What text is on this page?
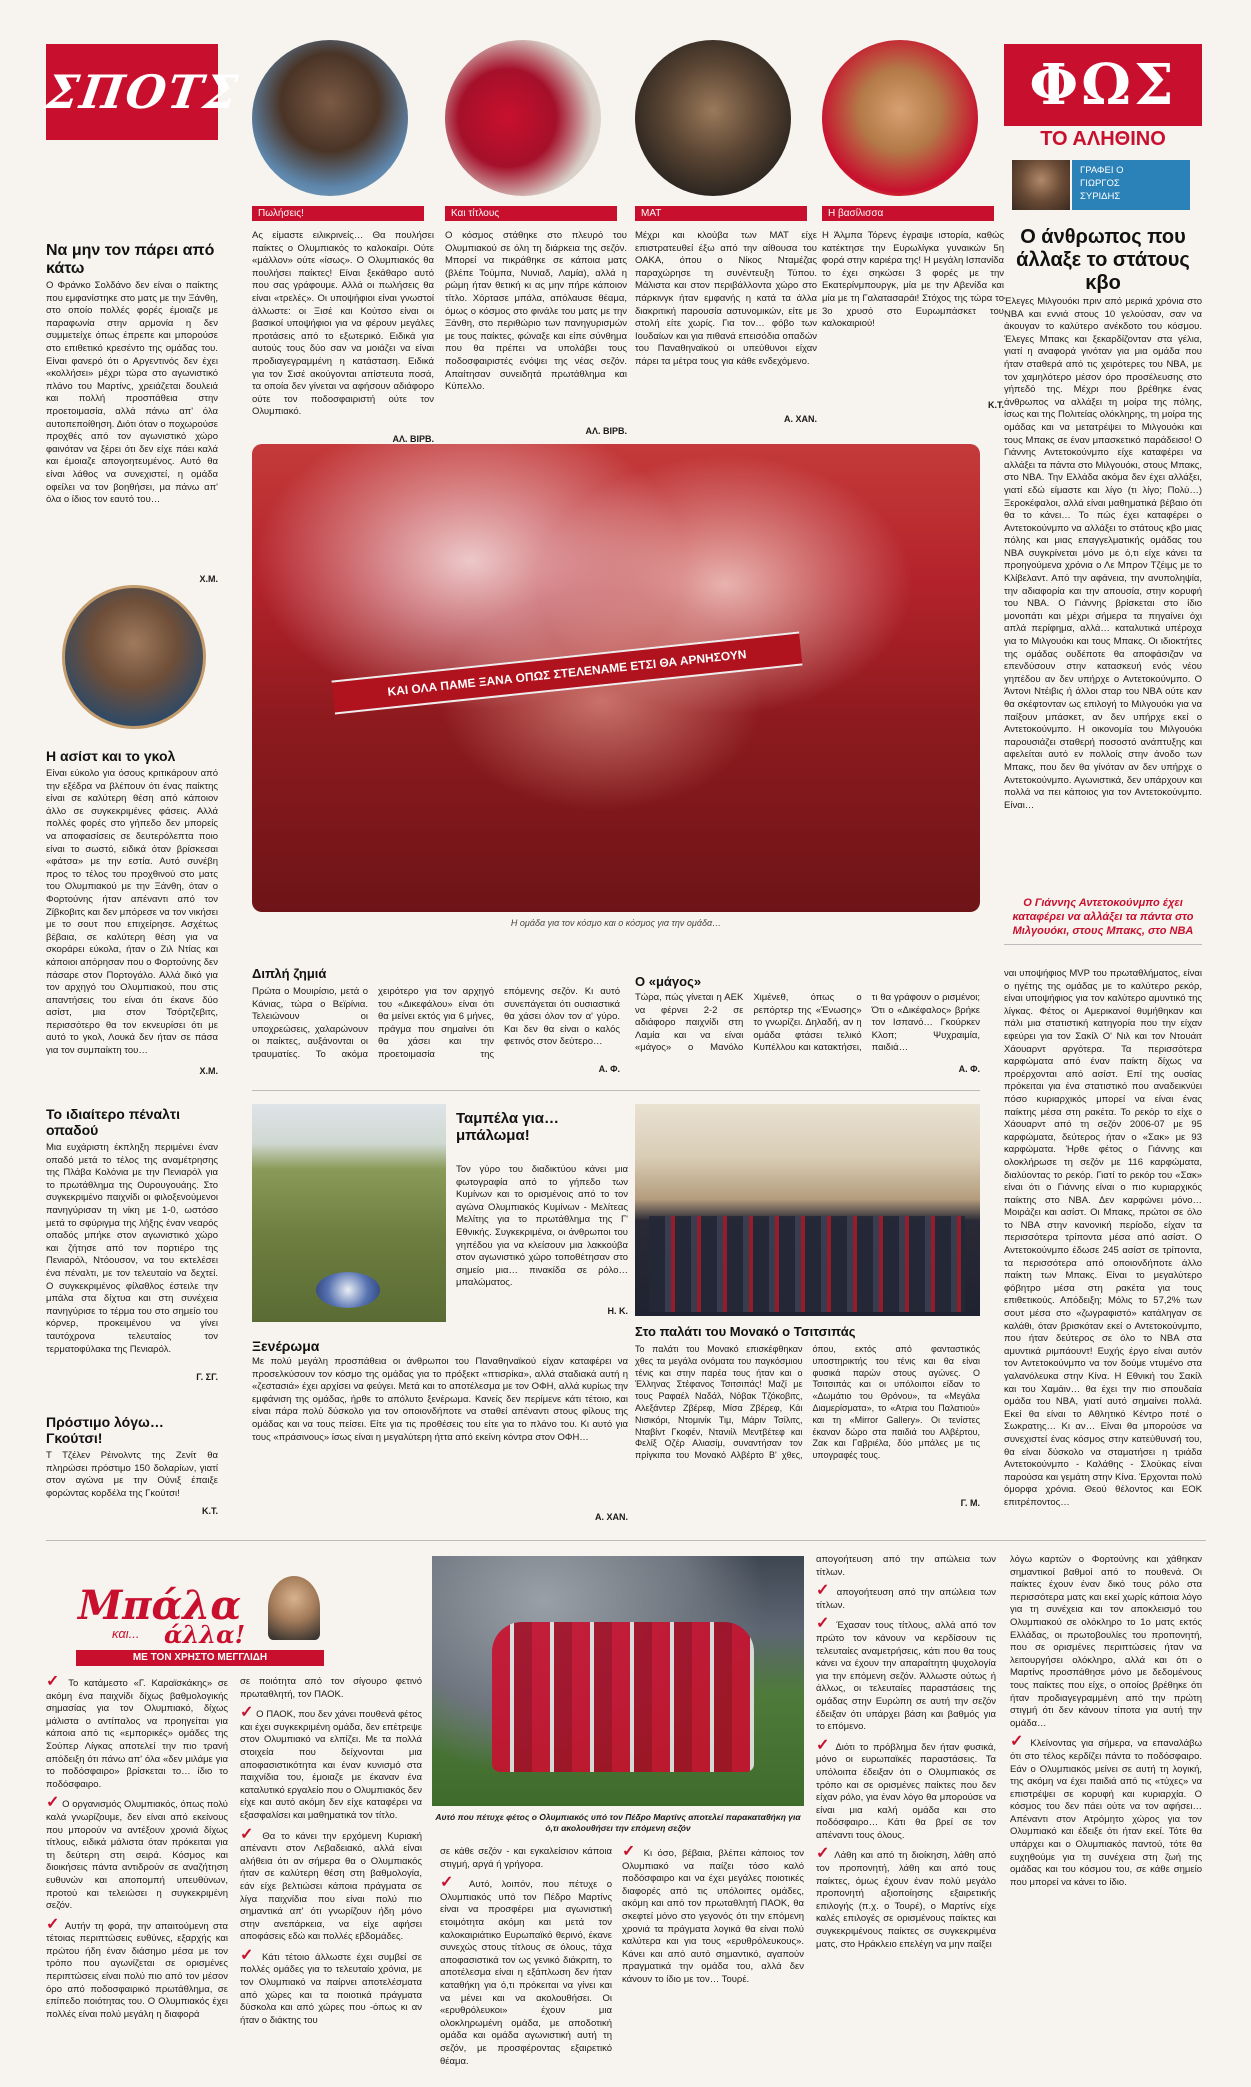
ΣΠΟΤΣ
Πωλήσεις!	Και τίτλους	ΜΑΤ	Η βασίλισσα

Ας είμαστε ειλικρινείς… Θα πουλήσει παίκτες ο Ολυμπιακός το καλοκαίρι. Ούτε «μάλλον» ούτε «ίσως». Ο Ολυμπιακός θα πουλήσει παίκτες! Είναι ξεκάθαρο αυτό που σας γράφουμε. Αλλά οι πωλήσεις θα είναι «τρελές». Οι υποψήφιοι είναι γνωστοί άλλωστε: οι Ξισέ και Κούτσο είναι οι βασικοί υποψήφιοι για να φέρουν μεγάλες προτάσεις από το εξωτερικό. Ειδικά για αυτούς τους δύο σαν να μοιάζει να είναι προδιαγεγραμμένη η κατάσταση. Ειδικά για τον Σισέ ακούγονται απίστευτα ποσά, τα οποία δεν γίνεται να αφήσουν αδιάφορο ούτε τον ποδοσφαιριστή ούτε τον Ολυμπιακό.

ΑΛ. ΒΙΡΒ.

Ο κόσμος στάθηκε στο πλευρό του Ολυμπιακού σε όλη τη διάρκεια της σεζόν. Μπορεί να πικράθηκε σε κάποια ματς (βλέπε Τούμπα, Νυνιαδ, Λαμία), αλλά η ρώμη ήταν θετική κι ας μην πήρε κάποιον τίτλο. Χόρτασε μπάλα, απόλαυσε θέαμα, όμως ο κόσμος στο φινάλε του ματς με την Ξάνθη, στο περιθώριο των πανηγυρισμών με τους παίκτες, φώναξε και είπε σύνθημα που θα πρέπει να υπολάβει τους ποδοσφαιριστές ενόψει της νέας σεζόν. Απαίτησαν συνειδητά πρωτάθλημα και Κύπελλο.

ΑΛ. ΒΙΡΒ.

Μέχρι και κλούβα των ΜΑΤ είχε επιστρατευθεί έξω από την αίθουσα του ΟΑΚΑ, όπου ο Νίκος Νταμέζας παραχώρησε τη συνέντευξη Τύπου. Μάλιστα και στον περιβάλλοντα χώρο στο πάρκινγκ ήταν εμφανής η κατά τα άλλα διακριτική παρουσία αστυνομικών, είτε με στολή είτε χωρίς. Για τον… φόβο των Ιουδαίων και για πιθανά επεισόδια οπαδών του Παναθηναϊκού οι υπεύθυνοι είχαν πάρει τα μέτρα τους για κάθε ενδεχόμενο.

Α. ΧΑΝ.

Η Άλμπα Τόρενς έγραψε ιστορία, καθώς κατέκτησε την Ευρωλίγκα γυναικών 5η φορά στην καριέρα της! Η μεγάλη Ισπανίδα το έχει σηκώσει 3 φορές με την Εκατερίνμπουργκ, μία με την Αβενίδα και μία με τη Γαλατασαράι! Στόχος της τώρα το 3ο χρυσό στο Ευρωμπάσκετ του καλοκαιριού!

Κ.Τ.
Να μην τον πάρει από κάτω

Ο Φράνκο Σολδάνο δεν είναι ο παίκτης που εμφανίστηκε στο ματς με την Ξάνθη, στο οποίο πολλές φορές έμοιαζε με παραφωνία στην αρμονία η δεν συμμετείχε όπως έπρεπε και μπορούσε στο επιθετικό κρεσέντο της ομάδας του. Είναι φανερό ότι ο Αργεντινός δεν έχει «κολλήσει» μέχρι τώρα στο αγωνιστικό πλάνο του Μαρτίνς, χρειάζεται δουλειά και πολλή προσπάθεια στην προετοιμασία, αλλά πάνω απ' όλα αυτοπεποίθηση. Διότι όταν ο ποχωρούσε προχθές από τον αγωνιστικό χώρο φαινόταν να ξέρει ότι δεν είχε πάει καλά και έμοιαζε απογοητευμένος. Αυτό θα είναι λάθος να συνεχιστεί, η ομάδα οφείλει να τον βοηθήσει, μα πάνω απ' όλα ο ίδιος τον εαυτό του…

Χ.Μ.
Η ασίστ και το γκολ

Είναι εύκολο για όσους κριτικάρουν από την εξέδρα να βλέπουν ότι ένας παίκτης είναι σε καλύτερη θέση από κάποιον άλλο σε συγκεκριμένες φάσεις. Αλλά πολλές φορές στο γήπεδο δεν μπορείς να αποφασίσεις σε δευτερόλεπτα ποιο είναι το σωστό, ειδικά όταν βρίσκεσαι «φάτσα» με την εστία. Αυτό συνέβη προς το τέλος του προχθινού στο ματς του Ολυμπιακού με την Ξάνθη, όταν ο Φορτούνης ήταν απέναντι από τον Ζίβκοβιτς και δεν μπόρεσε να τον νικήσει με το σουτ που επιχείρησε. Ασχέτως βέβαια, σε καλύτερη θέση για να σκοράρει εύκολα, ήταν ο Ζιλ Ντίας και κάποιοι απόρησαν που ο Φορτούνης δεν πάσαρε στον Πορτογάλο. Αλλά δικό για τον αρχηγό του Ολυμπιακού, που στις απαντήσεις του είναι ότι έκανε δύο ασίστ, μια στον Τσόρτζεβιτς, περισσότερο θα τον εκνευρίσει ότι με αυτό το γκολ, Λουκά δεν ήταν σε πάσα για τον συμπαίκτη του…

Χ.Μ.
Το ιδιαίτερο πέναλτι οπαδού

Μια ευχάριστη έκπληξη περιμένει έναν οπαδό μετά το τέλος της αναμέτρησης της Πλάβα Κολόνια με την Πενιαρόλ για το πρωτάθλημα της Ουρουγουάης. Στο συγκεκριμένο παιχνίδι οι φιλοξενούμενοι πανηγύρισαν τη νίκη με 1-0, ωστόσο μετά το σφύριγμα της λήξης έναν νεαρός οπαδός μπήκε στον αγωνιστικό χώρο και ζήτησε από τον πορτιέρο της Πενιαρόλ, Ντόουσον, να του εκτελέσει ένα πέναλτι, με τον τελευταίο να δεχτεί. Ο συγκεκριμένος φίλαθλος έστειλε την μπάλα στα δίχτυα και στη συνέχεια πανηγύρισε το τέρμα του στο σημείο του κόρνερ, προκειμένου να γίνει ταυτόχρονα τελευταίος τον τερματοφύλακα της Πενιαρόλ.

Γ. ΣΓ.
Πρόστιμο λόγω… Γκούτσι!

Τ Τζέλεν Ρέινολντς της Ζενίτ θα πληρώσει πρόστιμο 150 δολαρίων, γιατί στον αγώνα με την Ούνιξ έπαιξε φορώντας κορδέλα της Γκούτσι!

Κ.Τ.
ΚΑΙ ΟΛΑ ΠΑΜΕ ΞΑΝΑ ΟΠΩΣ ΣΤΕΛΕΝΑΜΕ ΕΤΣΙ ΘΑ ΑΡΝΗΣΟΥΝ
Η ομάδα για τον κόσμο και ο κόσμος για την ομάδα…
Διπλή ζημιά

Πρώτα ο Μουιρίσιο, μετά ο Κάνιας, τώρα ο Βεϊρίνια. Τελειώνουν οι υποχρεώσεις, χαλαρώνουν οι παίκτες, αυξάνονται οι τραυματίες. Το ακόμα χειρότερο για τον αρχηγό του «Δικεφάλου» είναι ότι θα μείνει εκτός για 6 μήνες, πράγμα που σημαίνει ότι θα χάσει και την προετοιμασία της επόμενης σεζόν. Κι αυτό συνεπάγεται ότι ουσιαστικά θα χάσει όλον τον α' γύρο. Και δεν θα είναι ο καλός φετινός στον δεύτερο…

Α. Φ.
Ο «μάγος»

Τώρα, πώς γίνεται η ΑΕΚ να φέρνει 2-2 σε αδιάφορο παιχνίδι στη Λαμία και να είναι «μάγος» ο Μανόλο Χιμένεθ, όπως ο ρεπόρτερ της «Ένωσης» το γνωρίζει. Δηλαδή, αν η ομάδα φτάσει τελικό Κυπέλλου και κατακτήσει, τι θα γράφουν ο ρισμένοι; Ότι ο «Δικέφαλος» βρήκε τον Ισπανό… Γκούρκεν Κλοπ; Ψυχραιμία, παιδιά…

Α. Φ.
Ταμπέλα για… μπάλωμα!

Τον γύρο του διαδικτύου κάνει μια φωτογραφία από το γήπεδο των Κυμίνων και το ορισμένοις από το τον αγώνα Ολυμπιακός Κυμίνων - Μελίτεας Μελίτης για το πρωτάθλημα της Γ' Εθνικής. Συγκεκριμένα, οι άνθρωποι του γηπέδου για να κλείσουν μια λακκούβα στον αγωνιστικό χώρο τοποθέτησαν στο σημείο μια… πινακίδα σε ρόλο… μπαλώματος.

Η. Κ.
Ξενέρωμα

Με πολύ μεγάλη προσπάθεια οι άνθρωποι του Παναθηναϊκού είχαν καταφέρει να προσελκύσουν τον κόσμο της ομάδας για το πρόξεκτ «πτισρίκα», αλλά σταδιακά αυτή η «ζεστασιά» έχει αρχίσει να φεύγει. Μετά και το αποτέλεσμα με τον ΟΦΗ, αλλά κυρίως την εμφάνιση της ομάδας, ήρθε το απόλυτο ξενέρωμα. Κανείς δεν περίμενε κάτι τέτοιο, και είναι πάρα πολύ δύσκολο για τον οποιονδήποτε να σταθεί απέναντι στους φίλους της ομάδας και να τους πείσει. Είτε για τις προθέσεις του είτε για το πλάνο του. Κι αυτό για τους «πράσινους» ίσως είναι η μεγαλύτερη ήττα από εκείνη κόντρα στον ΟΦΗ…

Α. ΧΑΝ.
Στο παλάτι του Μονακό ο Τσιτσιπάς

Το παλάτι του Μονακό επισκέφθηκαν χθες τα μεγάλα ονόματα του παγκόσμιου τένις και στην παρέα τους ήταν και ο Έλληνας Στέφανος Τσιτσιπάς! Μαζί με τους Ραφαέλ Ναδάλ, Νόβακ Τζόκοβιτς, Αλεξάντερ Ζβέρεφ, Μίσα Ζβέρεφ, Κάι Νισικόρι, Ντομινίκ Τιμ, Μάριν Τσίλιτς, Νταβίντ Γκοφέν, Ντανιίλ Μεντβέτεφ και Φελίξ Οζέρ Αλιασίμ, συναντήσαν τον πρίγκιπα του Μονακό Αλβέρτο Β' χθες, όπου, εκτός από φανταστικός υποστηρικτής του τένις και θα είναι φυσικά παρών στους αγώνες. Ο Τσιτσιπάς και οι υπόλοιποι είδαν το «Δωμάτιο του Θρόνου», τα «Μεγάλα Διαμερίσματα», το «Ατρια του Παλατιού» και τη «Mirror Gallery». Οι τενίστες έκαναν δώρο στα παιδιά του Αλβέρτου, Ζακ και Γαβριέλα, δύο μπάλες με τις υπογραφές τους.

Γ. Μ.
ΦΩΣ
ΤΟ ΑΛΗΘΙΝΟ
ΓΡΑΦΕΙ Ο
ΓΙΩΡΓΟΣ
ΣΥΡΙΔΗΣ
Ο άνθρωπος που άλλαξε το στάτους κβο

Έλεγες Μιλγουόκι πριν από μερικά χρόνια στο ΝΒΑ και εννιά στους 10 γελούσαν, σαν να άκουγαν το καλύτερο ανέκδοτο του κόσμου. Έλεγες Μπακς και ξεκαρδίζονταν στα γέλια, γιατί η αναφορά γινόταν για μια ομάδα που ήταν σταθερά από τις χειρότερες του ΝΒΑ, με τον χαμηλότερο μέσον όρο προσέλευσης στο γήπεδό της. Μέχρι που βρέθηκε ένας άνθρωπος να αλλάξει τη μοίρα της πόλης, ίσως και της Πολιτείας ολόκληρης, τη μοίρα της ομάδας και να μετατρέψει το Μιλγουόκι και τους Μπακς σε έναν μπασκετικό παράδεισο! Ο Γιάννης Αντετοκούνμπο είχε καταφέρει να αλλάξει τα πάντα στο Μιλγουόκι, στους Μπακς, στο ΝΒΑ. Την Ελλάδα ακόμα δεν έχει αλλάξει, γιατί εδώ είμαστε και λίγο (τι λίγο; Πολύ…) Ξεροκέφαλοι, αλλά είναι μαθηματικά βέβαιο ότι θα το κάνει… Το πώς έχει καταφέρει ο Αντετοκούνμπο να αλλάξει το στάτους κβο μιας πόλης και μιας επαγγελματικής ομάδας του ΝΒΑ συγκρίνεται μόνο με ό,τι είχε κάνει τα προηγούμενα χρόνια ο Λε Μπρον Τζέιμς με το Κλίβελαντ. Από την αφάνεια, την ανυποληψία, την αδιαφορία και την απουσία, στην κορυφή του ΝΒΑ. Ο Γιάννης βρίσκεται στο ίδιο μονοπάτι και μέχρι σήμερα τα πηγαίνει όχι απλά περίφημα, αλλά… καταλυτικά υπέροχα για το Μιλγουόκι και τους Μπακς. Οι ιδιοκτήτες της ομάδας ουδέποτε θα αποφάσιζαν να επενδύσουν στην κατασκευή ενός νέου γηπέδου αν δεν υπήρχε ο Αντετοκούνμπο. Ο Άντονι Ντέιβις ή άλλοι σταρ του ΝΒΑ ούτε καν θα σκέφτονταν ως επιλογή το Μιλγουόκι για να παίξουν μπάσκετ, αν δεν υπήρχε εκεί ο Αντετοκούνμπο. Η οικονομία του Μιλγουόκι παρουσιάζει σταθερή ποσοστό ανάπτυξης και αφελείται αυτό εν πολλοίς στην άνοδο των Μπακς, που δεν θα γίνόταν αν δεν υπήρχε ο Αντετοκούνμπο. Αγωνιστικά, δεν υπάρχουν και πολλά να πει κάποιος για τον Αντετοκούνμπο. Είναι…

Ο Γιάννης Αντετοκούνμπο έχει καταφέρει να αλλάξει τα πάντα στο Μιλγουόκι, στους Μπακς, στο ΝΒΑ

ναι υποψήφιος MVP του πρωταθλήματος, είναι ο ηγέτης της ομάδας με το καλύτερο ρεκόρ, είναι υποψήφιος για τον καλύτερο αμυντικό της λίγκας. Φέτος οι Αμερικανοί θυμήθηκαν και πάλι μια στατιστική κατηγορία που την είχαν εφεύρει για τον Σακίλ Ο' Νιλ και τον Ντουάιτ Χάουαρντ αργότερα. Τα περισσότερα καρφώματα από έναν παίκτη δίχως να προέρχονται από ασίστ. Επί της ουσίας πρόκειται για ένα στατιστικό που αναδεικνύει πόσο κυριαρχικός μπορεί να είναι ένας παίκτης μέσα στη ρακέτα. Το ρεκόρ το είχε ο Χάουαρντ από τη σεζόν 2006-07 με 95 καρφώματα, δεύτερος ήταν ο «Σακ» με 93 καρφώματα. Ήρθε φέτος ο Γιάννης και ολοκλήρωσε τη σεζόν με 116 καρφώματα, διαλύοντας το ρεκόρ. Γιατί το ρεκόρ του «Σακ» είναι ότι ο Γιάννης είναι ο πιο κυριαρχικός παίκτης στο ΝΒΑ. Δεν καρφώνει μόνο… Μοιράζει και ασίστ. Οι Μπακς, πρώτοι σε όλο το ΝΒΑ στην κανονική περίοδο, είχαν τα περισσότερα τρίποντα μέσα από ασίστ. Ο Αντετοκούνμπο έδωσε 245 ασίστ σε τρίποντα, τα περισσότερα από οποιονδήποτε άλλο παίκτη των Μπακς. Είναι το μεγαλύτερο φόβητρο μέσα στη ρακέτα για τους επιθετικούς. Απόδειξη; Μόλις το 57,2% των σουτ μέσα στο «ζωγραφιστό» κατάληγαν σε καλάθι, όταν βρισκόταν εκεί ο Αντετοκούνμπο, που ήταν δεύτερος σε όλο το ΝΒΑ στα αμυντικά ριμπάουντ! Ευχής έργο είναι αυτόν τον Αντετοκούνμπο να τον δούμε ντυμένο στα γαλανόλευκα στην Κίνα. Η Εθνική του Σακίλ και του Χαμάιν… θα έχει την πιο σπουδαία ομάδα του ΝΒΑ, γιατί αυτό σημαίνει πολλά. Εκεί θα είναι το Αθλητικό Κέντρο ποτέ ο Σωκρατης… Κι αν… Είναι θα μπορούσε να συνεχιστεί ένας κόσμος στην κατεύθυνσή του, θα είναι δύσκολο να σταματήσει η τριάδα Αντετοκούνμπο - Καλάθης - Σλούκας είναι παρούσα και γεμάτη στην Κίνα. Έρχονται πολύ όμορφα χρόνια. Θεού θέλοντος και ΕΟΚ επιτρέποντος…

Μπάλα
και... άλλα!
ΜΕ ΤΟΝ ΧΡΗΣΤΟ ΜΕΓΓΛΙΔΗ
Αυτό που πέτυχε φέτος ο Ολυμπιακός υπό τον Πέδρο Μαρτίνς αποτελεί παρακαταθήκη για ό,τι ακολουθήσει την επόμενη σεζόν

✓ Το κατάμεστο «Γ. Καραϊσκάκης» σε ακόμη ένα παιχνίδι δίχως βαθμολογικής σημασίας για τον Ολυμπιακό, δίχως μάλιστα ο αντίπαλος να προηγείται για κάποια από τις «εμπορικές» ομάδες της Σούπερ Λίγκας αποτελεί την πιο τρανή απόδειξη ότι πάνω απ' όλα «δεν μιλάμε για το ποδόσφαιρο» βρίσκεται το… ίδιο το ποδόσφαιρο.

✓ Ο οργανισμός Ολυμπιακός, όπως πολύ καλά γνωρίζουμε, δεν είναι από εκείνους που μπορούν να αντέξουν χρονιά δίχως τίτλους, ειδικά μάλιστα όταν πρόκειται για τη δεύτερη στη σειρά. Κόσμος και διοικήσεις πάντα αντιδρούν σε αναζήτηση ευθυνών και αποπομπή υπευθύνων, προτού και τελειώσει η συγκεκριμένη σεζόν.

✓ Αυτήν τη φορά, την απαιτούμενη στα τέτοιας περιπτώσεις ευθύνες, εξαρχής και πρώτου ήδη έναν διάσημο μέσα με τον τρόπο που αγωνίζεται σε ορισμένες περιπτώσεις είναι πολύ πιο από τον μέσον όρο από ποδοσφαιρικό πρωτάθλημα, σε επίπεδο ποιότητας του. Ο Ολυμπιακός έχει πολλές είναι πολύ μεγάλη η διαφορά

σε ποιότητα από τον σίγουρο φετινό πρωταθλητή, τον ΠΑΟΚ.

✓ Ο ΠΑΟΚ, που δεν χάνει πουθενά φέτος και έχει συγκεκριμένη ομάδα, δεν επέτρεψε στον Ολυμπιακό να ελπίζει. Με τα πολλά στοιχεία που δείχνονται μια αποφασιστικότητα και έναν κυνισμό στα παιχνίδια του, έμοιαζε με έκαναν ένα καταλυτικό εργαλείο που ο Ολυμπιακός δεν είχε και αυτό ακόμη δεν είχε καταφέρει να εξασφαλίσει και μαθηματικά τον τίτλο.

✓ Θα το κάνει την ερχόμενη Κυριακή απέναντι στον Λεβαδειακό, αλλά είναι αλήθεια ότι αν σήμερα θα ο Ολυμπιακός ήταν σε καλύτερη θέση στη βαθμολογία, εάν είχε βελτιώσει κάποια πράγματα σε λίγα παιχνίδια που είναι πολύ πιο σημαντικά απ' ότι γνωρίζουν ήδη μόνο στην ανεπάρκεια, να είχε αφήσει αποφάσεις εδώ και πολλές εβδομάδες.

✓ Κάτι τέτοιο άλλωστε έχει συμβεί σε πολλές ομάδες για το τελευταίο χρόνια, με τον Ολυμπιακό να παίρνει αποτελέσματα από χώρες και τα ποιοτικά πράγματα δύσκολα και από χώρες που -όπως κι αν ήταν ο διάκτης του

σε κάθε σεζόν - και εγκαλείσιον κάποια στιγμή, αργά ή γρήγορα.

✓ Αυτό, λοιπόν, που πέτυχε ο Ολυμπιακός υπό τον Πέδρο Μαρτίνς είναι να προσφέρει μια αγωνιστική ετοιμότητα ακόμη και μετά τον καλοκαιριάτικο Ευρωπαϊκό θερινό, έκανε συνεχώς στους τίτλους σε όλους, τάχα αποφασιστικά τον ως γενικό διάκριτη, το αποτέλεσμα είναι η εξάπλωση δεν ήταν καταθήκη για ό,τι πρόκειται να γίνει και να μένει και να ακολουθήσει. Οι «ερυθρόλευκοι» έχουν μια ολοκληρωμένη ομάδα, με αποδοτική ομάδα και ομάδα αγωνιστική αυτή τη σεζόν, με προσφέροντας εξαιρετικό θέαμα.

✓ Κι όσο, βέβαια, βλέπει κάποιος τον Ολυμπιακό να παίζει τόσο καλό ποδόσφαιρο και να έχει μεγάλες ποιοτικές διαφορές από τις υπόλοιπες ομάδες, ακόμη και από τον πρωταθλητή ΠΑΟΚ, θα σκεφτεί μόνο στο γεγονός ότι την επόμενη χρονιά τα πράγματα λογικά θα είναι πολύ καλύτερα και για τους «ερυθρόλευκους». Κάνει και από αυτό σημαντικό, αγαπούν πραγματικά την ομάδα του, αλλά δεν κάνουν το ίδιο με τον… Τουρέ.

απογοήτευση από την απώλεια των τίτλων.

✓ απογοήτευση από την απώλεια των τίτλων.

✓ Έχασαν τους τίτλους, αλλά από τον πρώτο τον κάνουν να κερδίσουν τις τελευταίες αναμετρήσεις, κάτι που θα τους κάνει να έχουν την απαραίτητη ψυχολογία για την επόμενη σεζόν. Άλλωστε ούτως ή άλλως, οι τελευταίες παραστάσεις της ομάδας στην Ευρώπη σε αυτή την σεζόν έδειξαν ότι υπάρχει βάση και βαθμός για το επόμενο.

✓ Διότι το πρόβλημα δεν ήταν φυσικά, μόνο οι ευρωπαϊκές παραστάσεις. Τα υπόλοιπα έδειξαν ότι ο Ολυμπιακός σε τρόπο και σε ορισμένες παίκτες που δεν είχαν ρόλο, για έναν λόγο θα μπορούσε να είναι μια καλή ομάδα και στο ποδόσφαιρο… Κάτι θα βρεί σε τον απέναντι τους όλους.

✓ Λάθη και από τη διοίκηση, λάθη από τον προπονητή, λάθη και από τους παίκτες, όμως έχουν έναν πολύ μεγάλο προπονητή αξιοποίησης εξαιρετικής επιλογής (π.χ. ο Τουρέ), ο Μαρτίνς είχε καλές επιλογές σε ορισμένους παίκτες και συγκεκριμένους παίκτες σε συγκεκριμένα ματς, στο Ηράκλειο επελέγη να μην παίξει

λόγω καρτών ο Φορτούνης και χάθηκαν σημαντικοί βαθμοί από το πουθενά. Οι παίκτες έχουν έναν δικό τους ρόλο στα περισσότερα ματς και εκεί χωρίς κάποια λόγο για τη συνέχεια και τον αποκλεισμό του Ολυμπιακού σε ολόκληρο το 1ο ματς εκτός Ελλάδας, οι πρωτοβουλίες του προπονητή, που σε ορισμένες περιπτώσεις ήταν να λειτουργήσει ολόκληρο, αλλά και ότι ο Μαρτίνς προσπάθησε μόνο με δεδομένους τους παίκτες που είχε, ο οποίος βρέθηκε ότι ήταν προδιαγεγραμμένη από την πρώτη στιγμή ότι δεν κάνουν τίποτα για αυτή την ομάδα…

✓ Κλείνοντας για σήμερα, να επαναλάβω ότι στο τέλος κερδίζει πάντα το ποδόσφαιρο. Εάν ο Ολυμπιακός μείνει σε αυτή τη λογική, της ακόμη να έχει παιδιά από τις «τύχες» να επιστρέψει σε κορυφή και κυριαρχία. Ο κόσμος του δεν πάει ούτε να τον αφήσει… Απέναντι στον Ατρόμητο χώρος για τον Ολυμπιακό και έδειξε ότι ήταν εκεί. Τότε θα υπάρχει και ο Ολυμπιακός παντού, τότε θα ευχηθούμε για τη συνέχεια στη ζωή της ομάδας και του κόσμου του, σε κάθε σημείο που μπορεί να κάνει το ίδιο.
